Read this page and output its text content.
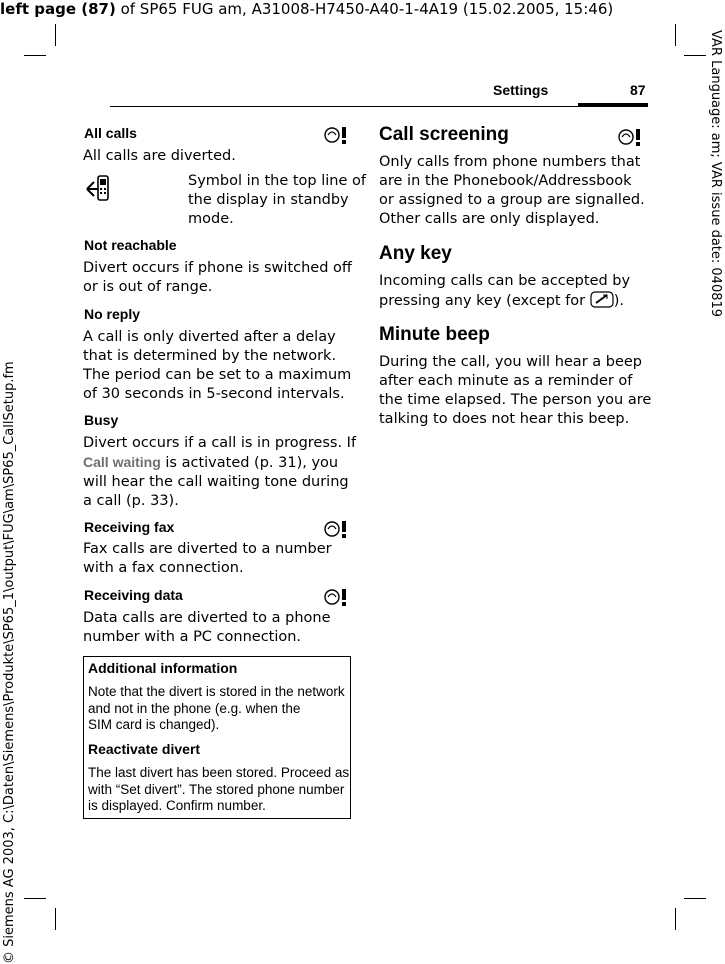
left page (87) of SP65 FUG am, A31008-H7450-A40-1-4A19 (15.02.2005, 15:46)
© Siemens AG 2003, C:\Daten\Siemens\Produkte\SP65_1\output\FUG\am\SP65_CallSetup.fm
VAR Language: am; VAR issue date: 040819
Settings	87
All calls
All calls are diverted.
Symbol in the top line of
the display in standby
mode.
Not reachable
Divert occurs if phone is switched off
or is out of range.
No reply
A call is only diverted after a delay
that is determined by the network.
The period can be set to a maximum
of 30 seconds in 5-second intervals.
Busy
Divert occurs if a call is in progress. If
Call waiting is activated (p. 31), you
will hear the call waiting tone during
a call (p. 33).
Receiving fax
Fax calls are diverted to a number
with a fax connection.
Receiving data
Data calls are diverted to a phone
number with a PC connection.
Additional information
Note that the divert is stored in the network
and not in the phone (e.g. when the
SIM card is changed).
Reactivate divert
The last divert has been stored. Proceed as
with “Set divert”. The stored phone number
is displayed. Confirm number.
Call screening
Only calls from phone numbers that
are in the Phonebook/Addressbook
or assigned to a group are signalled.
Other calls are only displayed.
Any key
Incoming calls can be accepted by
pressing any key (except for ).
Minute beep
During the call, you will hear a beep
after each minute as a reminder of
the time elapsed. The person you are
talking to does not hear this beep.
